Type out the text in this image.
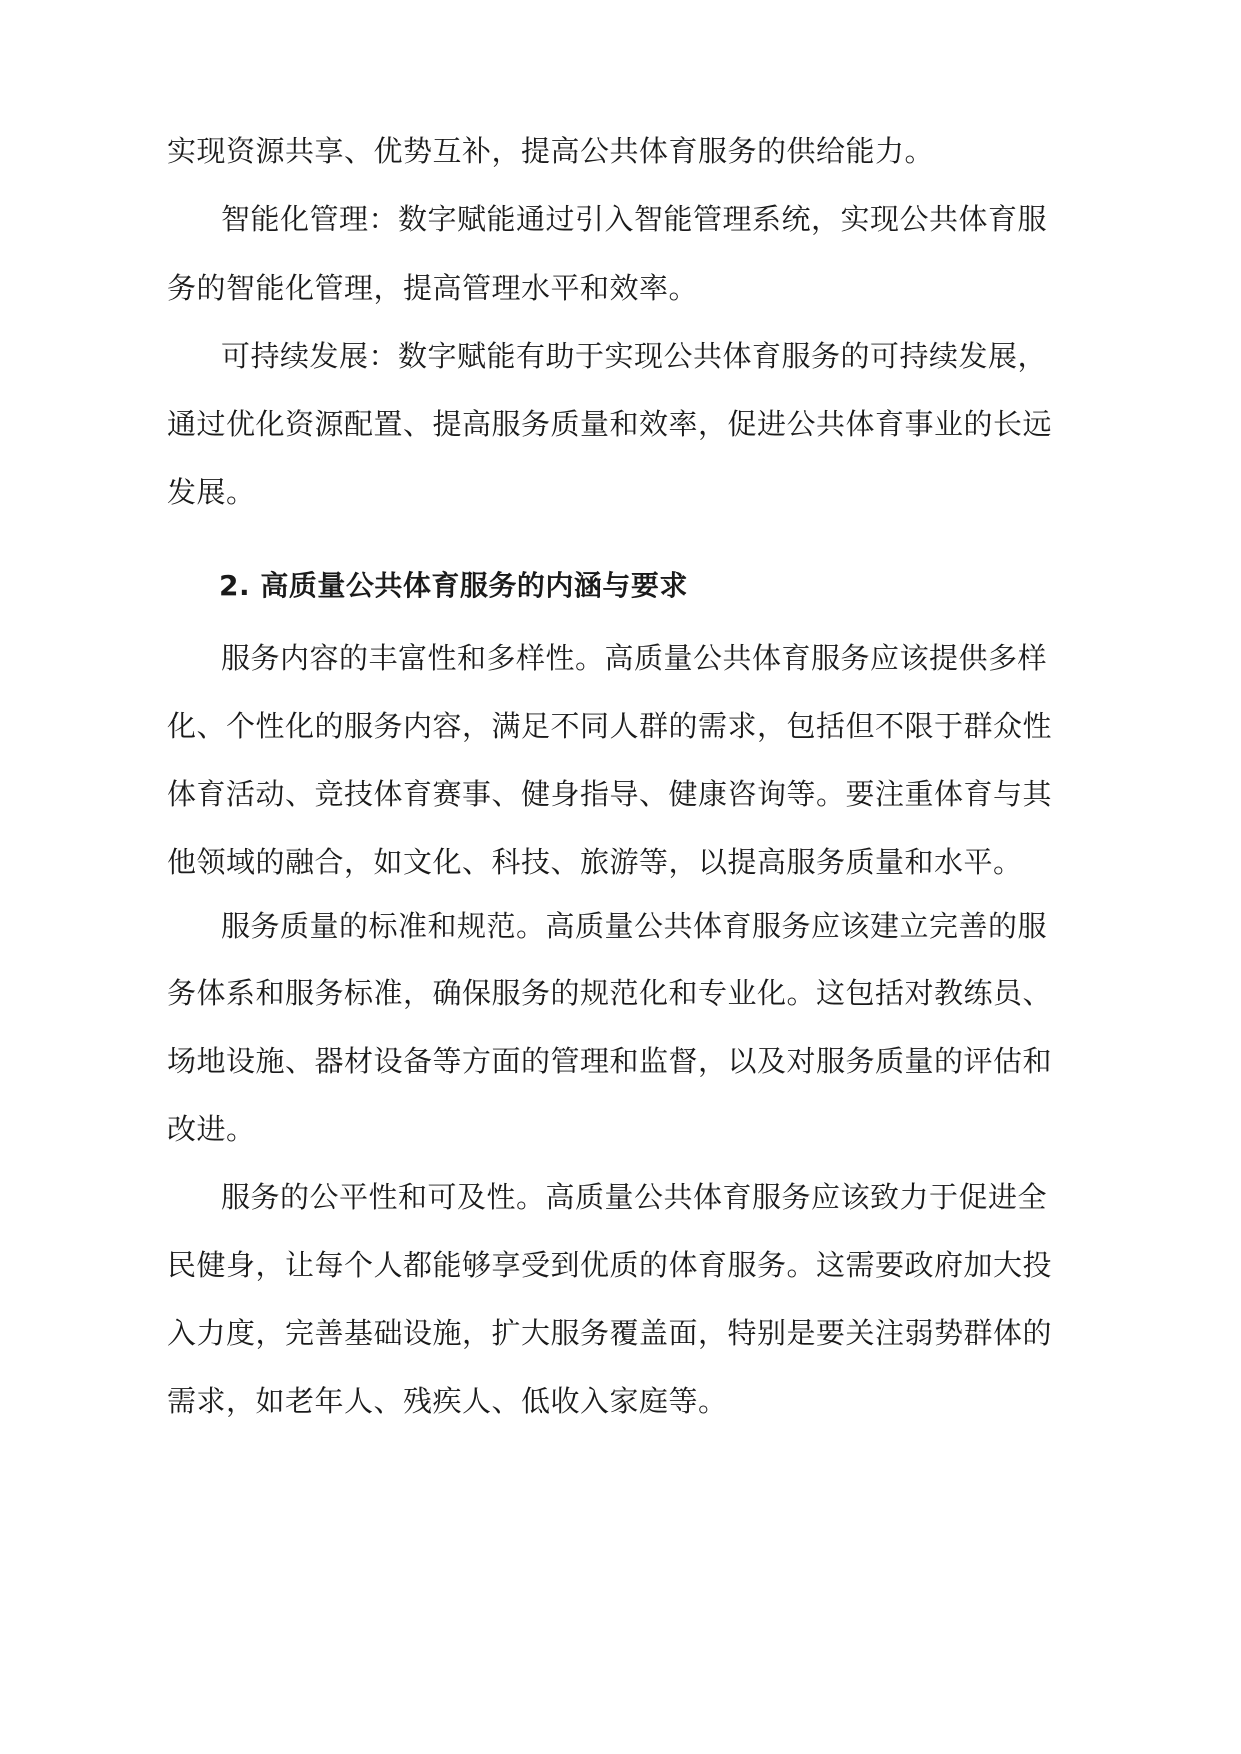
实现资源共享、优势互补，提高公共体育服务的供给能力。
智能化管理：数字赋能通过引入智能管理系统，实现公共体育服
务的智能化管理，提高管理水平和效率。
可持续发展：数字赋能有助于实现公共体育服务的可持续发展，
通过优化资源配置、提高服务质量和效率，促进公共体育事业的长远
发展。
2. 高质量公共体育服务的内涵与要求
服务内容的丰富性和多样性。高质量公共体育服务应该提供多样
化、个性化的服务内容，满足不同人群的需求，包括但不限于群众性
体育活动、竞技体育赛事、健身指导、健康咨询等。要注重体育与其
他领域的融合，如文化、科技、旅游等，以提高服务质量和水平。
服务质量的标准和规范。高质量公共体育服务应该建立完善的服
务体系和服务标准，确保服务的规范化和专业化。这包括对教练员、
场地设施、器材设备等方面的管理和监督，以及对服务质量的评估和
改进。
服务的公平性和可及性。高质量公共体育服务应该致力于促进全
民健身，让每个人都能够享受到优质的体育服务。这需要政府加大投
入力度，完善基础设施，扩大服务覆盖面，特别是要关注弱势群体的
需求，如老年人、残疾人、低收入家庭等。
